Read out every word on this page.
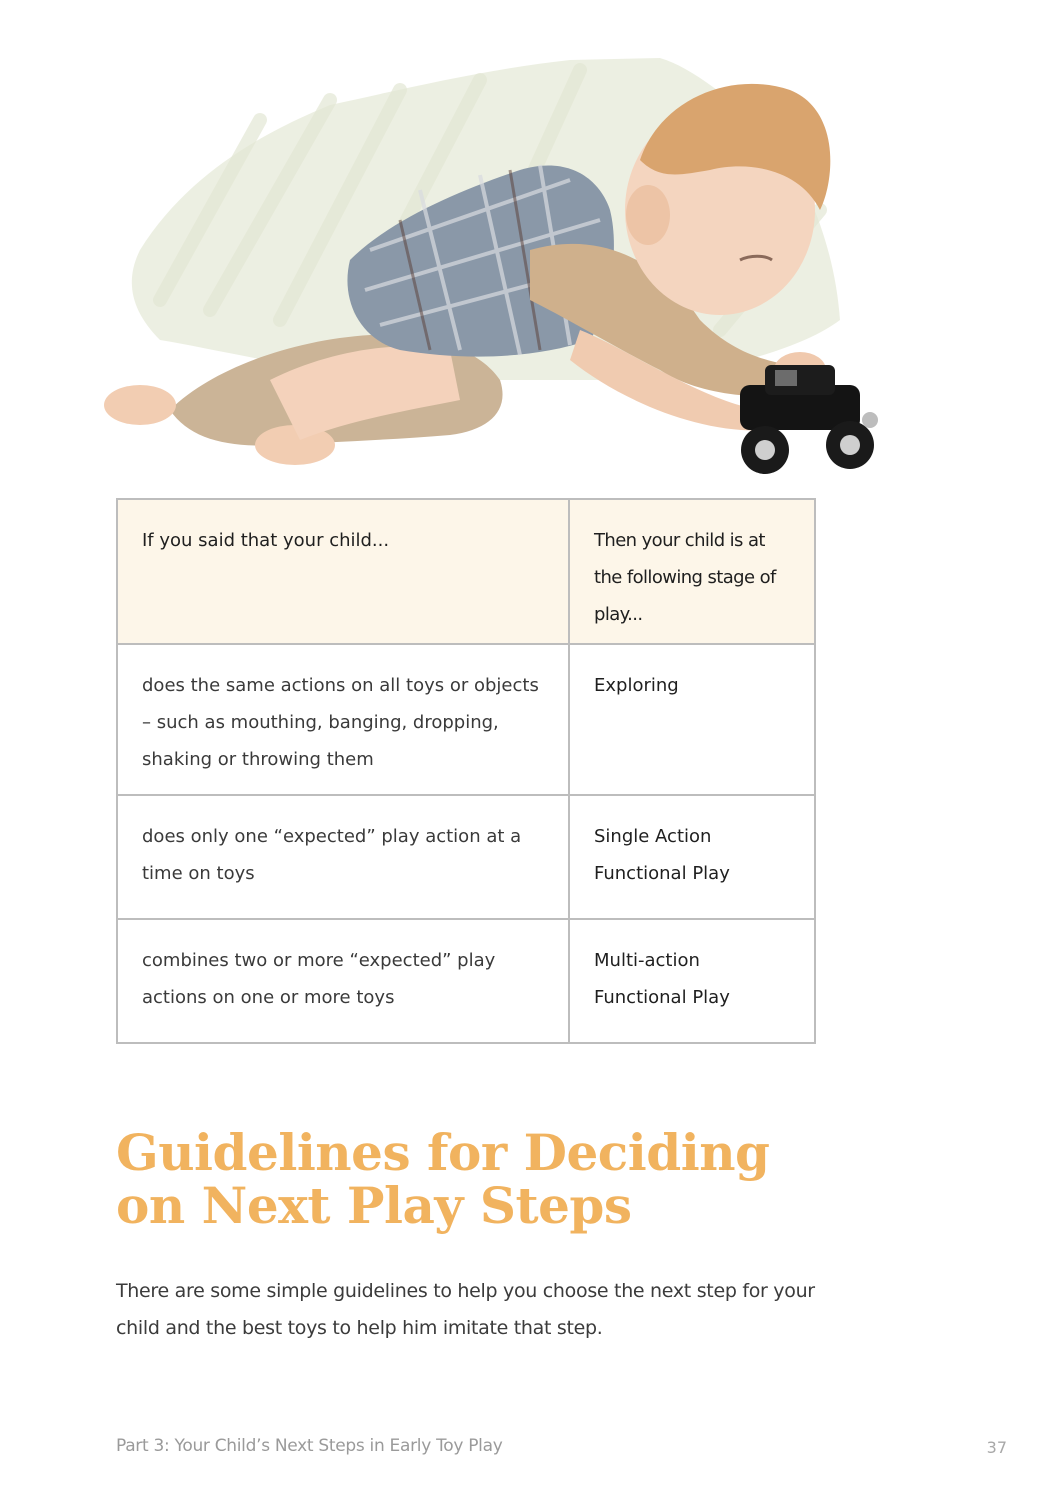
If you said that your child...	Then your child is at the following stage of play...
does the same actions on all toys or objects – such as mouthing, banging, dropping, shaking or throwing them	Exploring
does only one “expected” play action at a time on toys	Single Action Functional Play
combines two or more “expected” play actions on one or more toys	Multi-action Functional Play
Guidelines for Deciding
on Next Play Steps

There are some simple guidelines to help you choose the next step for your child and the best toys to help him imitate that step.

Part 3: Your Child’s Next Steps in Early Toy Play	37
